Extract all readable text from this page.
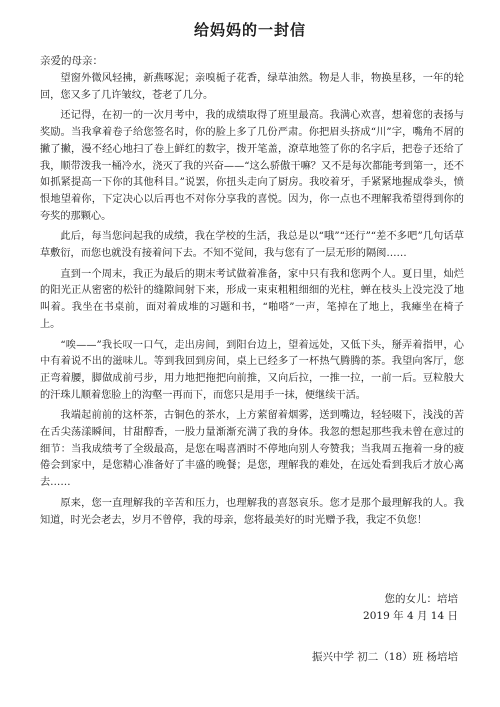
给妈妈的一封信
亲爱的母亲：

望窗外微风轻拂，新燕啄泥；亲嗅栀子花香，绿草油然。物是人非，物换星移，一年的轮回，您又多了几许皱纹，苍老了几分。

还记得，在初一的一次月考中，我的成绩取得了班里最高。我满心欢喜，想着您的表扬与奖励。当我拿着卷子给您签名时，你的脸上多了几份严肃。你把眉头挤成“川”字，嘴角不屑的撇了撇，漫不经心地扫了卷上鲜红的数字，拨开笔盖，潦草地签了你的名字后，把卷子还给了我，顺带泼我一桶冷水，浇灭了我的兴奋——“这么骄傲干嘛？又不是每次都能考到第一，还不如抓紧提高一下你的其他科目。”说罢，你扭头走向了厨房。我咬着牙，手紧紧地握成拳头，愤恨地望着你，下定决心以后再也不对你分享我的喜悦。因为，你一点也不理解我希望得到你的夸奖的那颗心。

此后，每当您问起我的成绩，我在学校的生活，我总是以“哦”“还行”“差不多吧”几句话草草敷衍，而您也就没有接着问下去。不知不觉间，我与您有了一层无形的隔阂……

直到一个周末，我正为最后的期末考试做着准备，家中只有我和您两个人。夏日里，灿烂的阳光正从密密的松针的缝隙间射下来，形成一束束粗粗细细的光柱，蝉在枝头上没完没了地叫着。我坐在书桌前，面对着成堆的习题和书，“啪嗒”一声，笔掉在了地上，我瘫坐在椅子上。

“唉——”我长叹一口气，走出房间，到阳台边上，望着远处，又低下头，掰弄着指甲，心中有着说不出的滋味儿。等到我回到房间，桌上已经多了一杯热气腾腾的茶。我望向客厅，您正弯着腰，脚做成前弓步，用力地把拖把向前推，又向后拉，一推一拉，一前一后。豆粒般大的汗珠儿顺着您脸上的沟壑一再而下，而您只是用手一抹，便继续干活。

我端起前前的这杯茶，古铜色的茶水，上方萦留着烟雾，送到嘴边，轻轻啜下，浅浅的苦在舌尖荡漾瞬间，甘甜醇香，一股力量渐渐充满了我的身体。我忽的想起那些我未曾在意过的细节：当我成绩考了全级最高，是您在喝喜酒时不停地向别人夸赞我；当我周五拖着一身的疲倦会到家中，是您精心准备好了丰盛的晚餐；是您，理解我的难处，在远处看到我后才放心离去……

原来，您一直理解我的辛苦和压力，也理解我的喜怒哀乐。您才是那个最理解我的人。我知道，时光会老去，岁月不曾停，我的母亲，您将最美好的时光赠予我，我定不负您！

您的女儿：培培
2019 年 4 月 14 日
振兴中学 初二（18）班 杨培培
